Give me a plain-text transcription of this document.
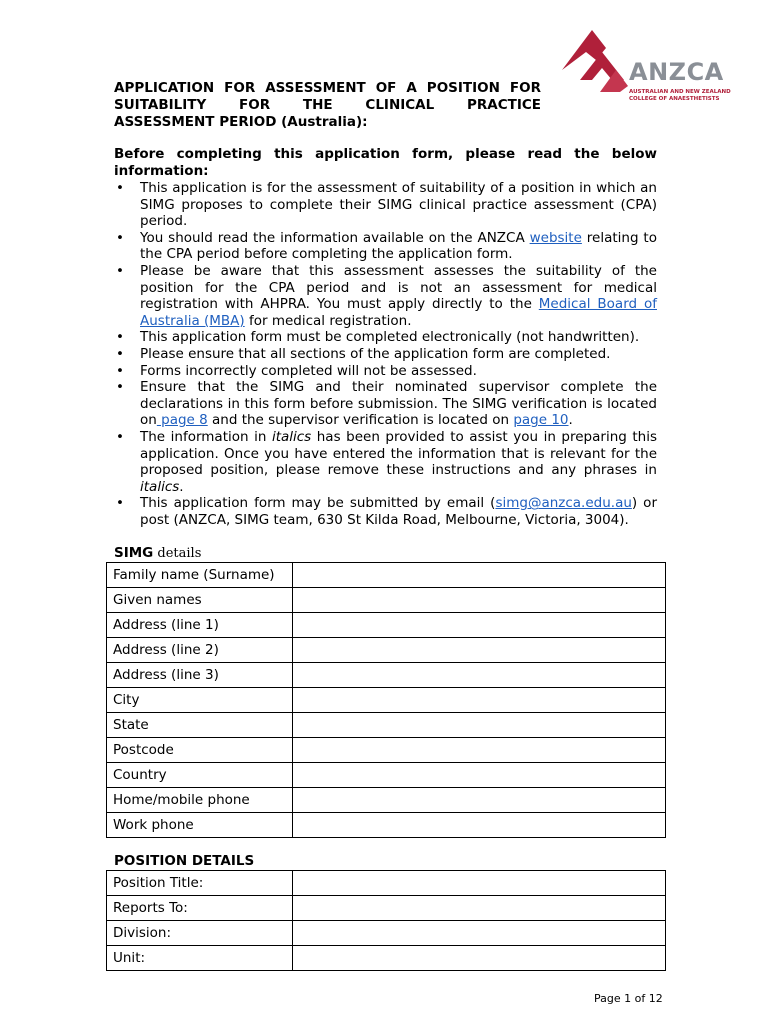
ANZCA
AUSTRALIAN AND NEW ZEALAND
COLLEGE OF ANAESTHETISTS
APPLICATION FOR ASSESSMENT OF A POSITION FOR
SUITABILITY FOR THE CLINICAL PRACTICE
ASSESSMENT PERIOD (Australia):

Before completing this application form, please read the below information:

• This application is for the assessment of suitability of a position in which an SIMG proposes to complete their SIMG clinical practice assessment (CPA) period.
• You should read the information available on the ANZCA website relating to the CPA period before completing the application form.
• Please be aware that this assessment assesses the suitability of the position for the CPA period and is not an assessment for medical registration with AHPRA. You must apply directly to the Medical Board of Australia (MBA) for medical registration.
• This application form must be completed electronically (not handwritten).
• Please ensure that all sections of the application form are completed.
• Forms incorrectly completed will not be assessed.
• Ensure that the SIMG and their nominated supervisor complete the declarations in this form before submission. The SIMG verification is located on page 8 and the supervisor verification is located on page 10.
• The information in italics has been provided to assist you in preparing this application. Once you have entered the information that is relevant for the proposed position, please remove these instructions and any phrases in italics.
• This application form may be submitted by email (simg@anzca.edu.au) or post (ANZCA, SIMG team, 630 St Kilda Road, Melbourne, Victoria, 3004).
SIMG details
Family name (Surname)	
Given names	
Address (line 1)	
Address (line 2)	
Address (line 3)	
City	
State	
Postcode	
Country	
Home/mobile phone	
Work phone	
POSITION DETAILS
Position Title:	
Reports To:	
Division:	
Unit:	
Page 1 of 12
